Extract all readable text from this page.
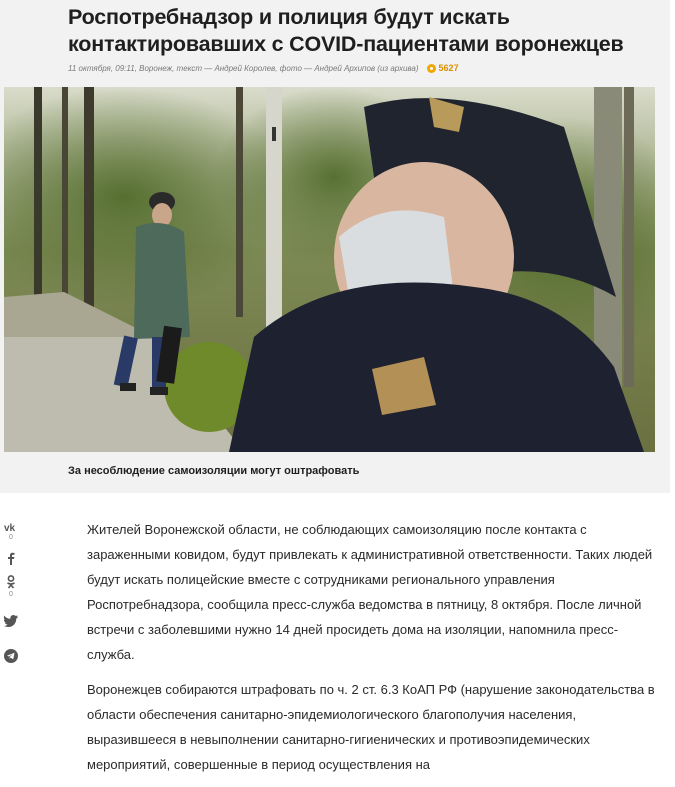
Роспотребнадзор и полиция будут искать контактировавших с COVID-пациентами воронежцев
11 октября, 09:11, Воронеж, текст — Андрей Королев, фото — Андрей Архипов (из архива) 5627
За несоблюдение самоизоляции могут оштрафовать
vk
0
0

Жителей Воронежской области, не соблюдающих самоизоляцию после контакта с зараженными ковидом, будут привлекать к административной ответственности. Таких людей будут искать полицейские вместе с сотрудниками регионального управления Роспотребнадзора, сообщила пресс-служба ведомства в пятницу, 8 октября. После личной встречи с заболевшими нужно 14 дней просидеть дома на изоляции, напомнила пресс-служба.

Воронежцев собираются штрафовать по ч. 2 ст. 6.3 КоАП РФ (нарушение законодательства в области обеспечения санитарно-эпидемиологического благополучия населения, выразившееся в невыполнении санитарно-гигиенических и противоэпидемических мероприятий, совершенные в период осуществления на
